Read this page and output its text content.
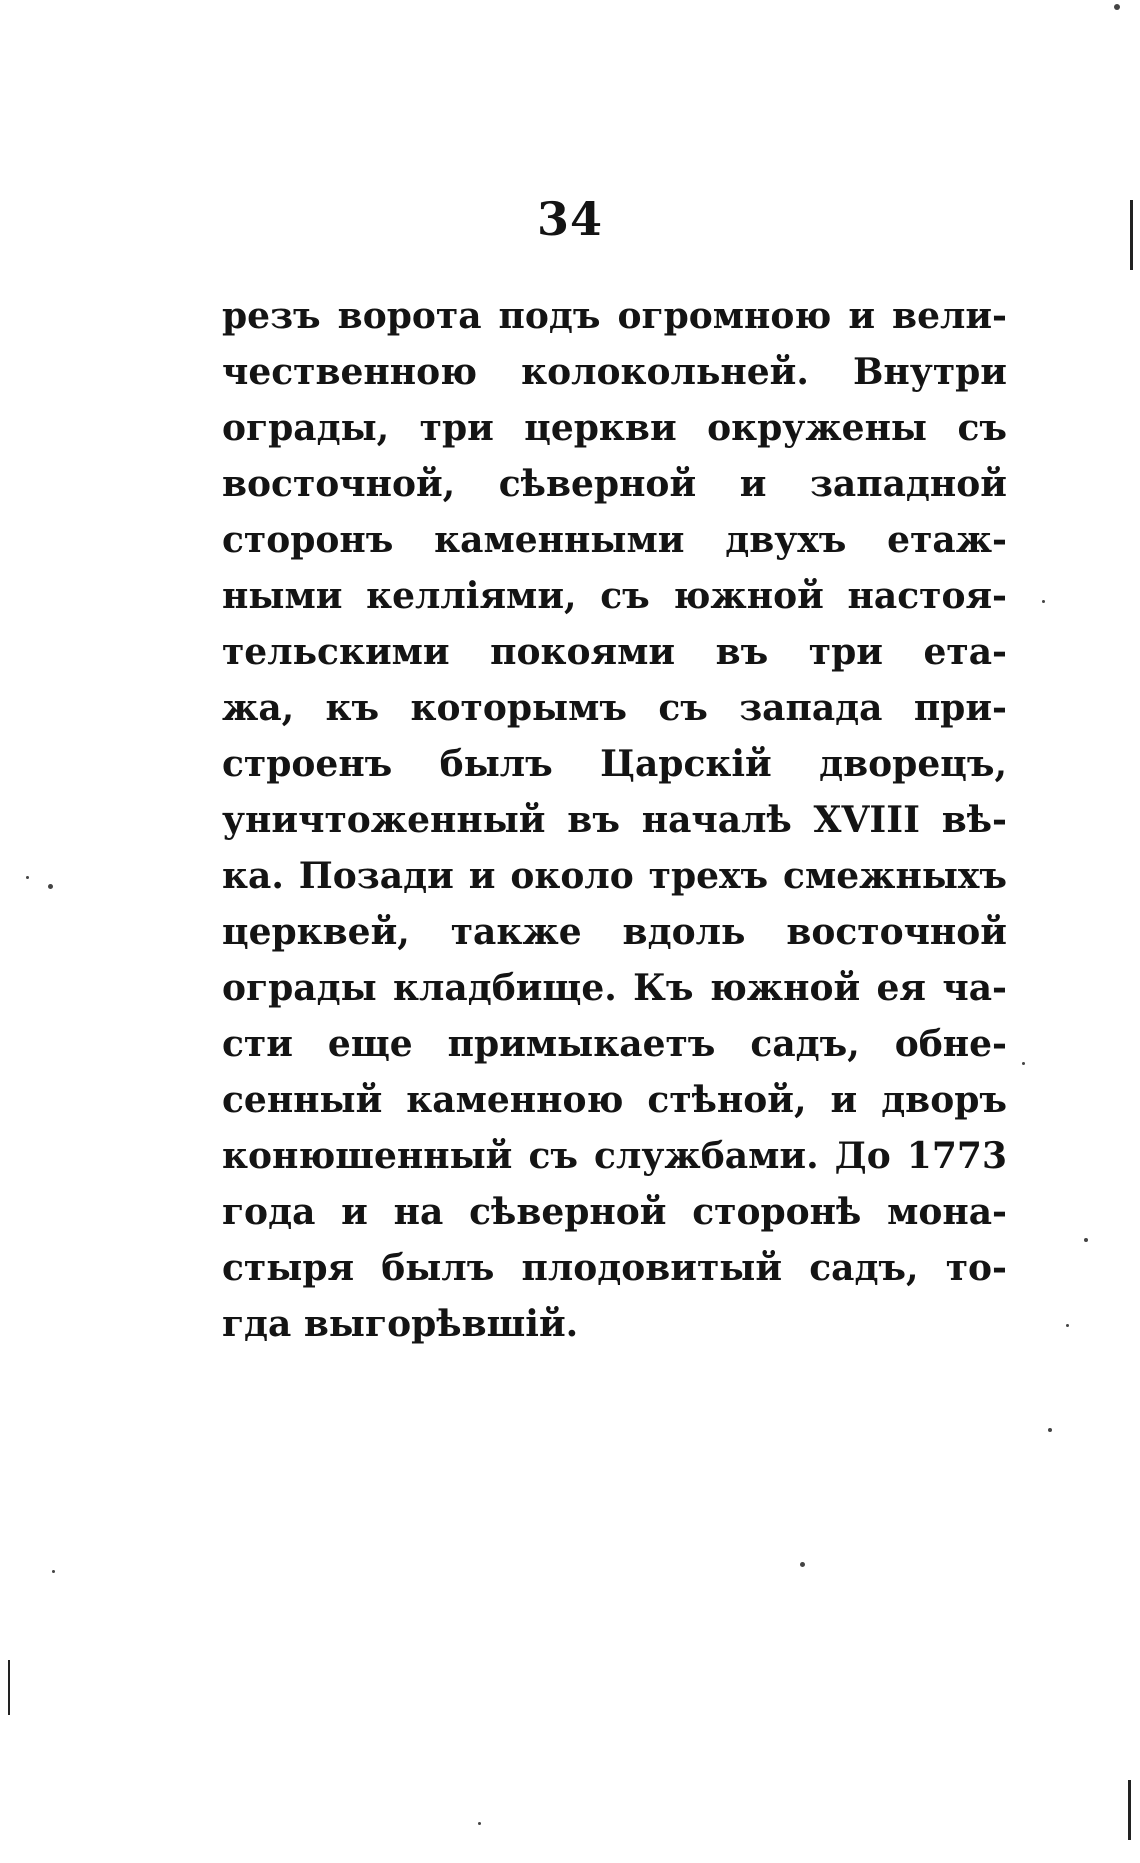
34
резъ ворота подъ огромною и вели-
чественною колокольней. Внутри
ограды, три церкви окружены съ
восточной, сѣверной и западной
сторонъ каменными двухъ етаж-
ными келліями, съ южной настоя-
тельскими покоями въ три ета-
жа, къ которымъ съ запада при-
строенъ былъ Царскій дворецъ,
уничтоженный въ началѣ XVIII вѣ-
ка. Позади и около трехъ смежныхъ
церквей, также вдоль восточной
ограды кладбище. Къ южной ея ча-
сти еще примыкаетъ садъ, обне-
сенный каменною стѣной, и дворъ
конюшенный съ службами. До 1773
года и на сѣверной сторонѣ мона-
стыря былъ плодовитый садъ, то-
гда выгорѣвшій.
